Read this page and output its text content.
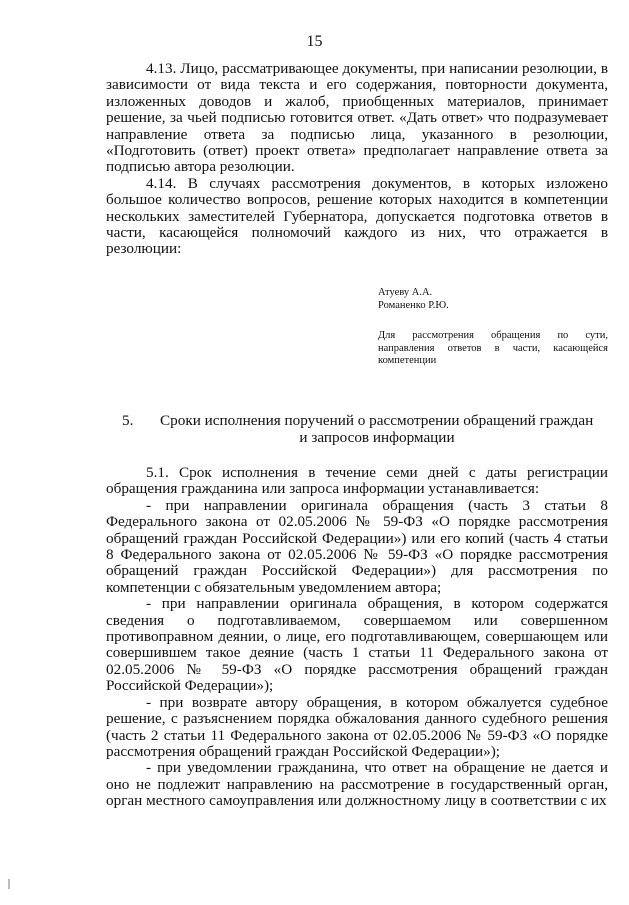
15

4.13. Лицо, рассматривающее документы, при написании резолюции, в зависимости от вида текста и его содержания, повторности документа, изложенных доводов и жалоб, приобщенных материалов, принимает решение, за чьей подписью готовится ответ. «Дать ответ» что подразумевает направление ответа за подписью лица, указанного в резолюции, «Подготовить (ответ) проект ответа» предполагает направление ответа за подписью автора резолюции.

4.14. В случаях рассмотрения документов, в которых изложено большое количество вопросов, решение которых находится в компетенции нескольких заместителей Губернатора, допускается подготовка ответов в части, касающейся полномочий каждого из них, что отражается в резолюции:

Атуеву А.А.
Романенко Р.Ю.
Для рассмотрения обращения по сути, направления ответов в части, касающейся компетенции
5. Сроки исполнения поручений о рассмотрении обращений граждан
и запросов информации

5.1. Срок исполнения в течение семи дней с даты регистрации обращения гражданина или запроса информации устанавливается:

- при направлении оригинала обращения (часть 3 статьи 8 Федерального закона от 02.05.2006 № 59-ФЗ «О порядке рассмотрения обращений граждан Российской Федерации») или его копий (часть 4 статьи 8 Федерального закона от 02.05.2006 № 59-ФЗ «О порядке рассмотрения обращений граждан Российской Федерации») для рассмотрения по компетенции с обязательным уведомлением автора;

- при направлении оригинала обращения, в котором содержатся сведения о подготавливаемом, совершаемом или совершенном противоправном деянии, о лице, его подготавливающем, совершающем или совершившем такое деяние (часть 1 статьи 11 Федерального закона от 02.05.2006 № 59-ФЗ «О порядке рассмотрения обращений граждан Российской Федерации»);

- при возврате автору обращения, в котором обжалуется судебное решение, с разъяснением порядка обжалования данного судебного решения (часть 2 статьи 11 Федерального закона от 02.05.2006 № 59-ФЗ «О порядке рассмотрения обращений граждан Российской Федерации»);

- при уведомлении гражданина, что ответ на обращение не дается и оно не подлежит направлению на рассмотрение в государственный орган, орган местного самоуправления или должностному лицу в соответствии с их
